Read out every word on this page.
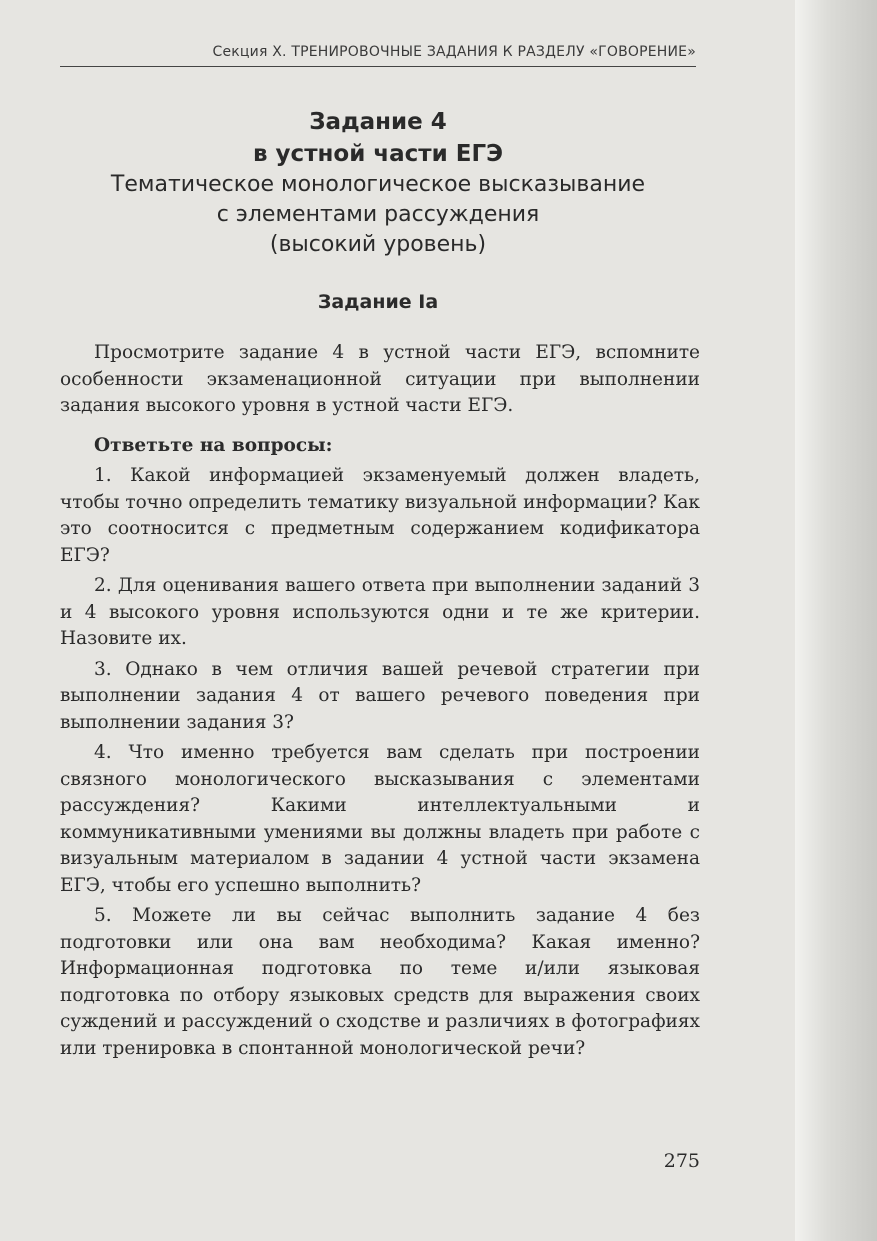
Секция X. ТРЕНИРОВОЧНЫЕ ЗАДАНИЯ К РАЗДЕЛУ «ГОВОРЕНИЕ»
Задание 4
в устной части ЕГЭ
Тематическое монологическое высказывание
с элементами рассуждения
(высокий уровень)
Задание Iа

Просмотрите задание 4 в устной части ЕГЭ, вспомните особенности экзаменационной ситуации при выполнении задания высокого уровня в устной части ЕГЭ.

Ответьте на вопросы:

1. Какой информацией экзаменуемый должен владеть, чтобы точно определить тематику визуальной информации? Как это соотносится с предметным содержанием кодификатора ЕГЭ?

2. Для оценивания вашего ответа при выполнении заданий 3 и 4 высокого уровня используются одни и те же критерии. Назовите их.

3. Однако в чем отличия вашей речевой стратегии при выполнении задания 4 от вашего речевого поведения при выполнении задания 3?

4. Что именно требуется вам сделать при построении связного монологического высказывания с элементами рассуждения? Какими интеллектуальными и коммуникативными умениями вы должны владеть при работе с визуальным материалом в задании 4 устной части экзамена ЕГЭ, чтобы его успешно выполнить?

5. Можете ли вы сейчас выполнить задание 4 без подготовки или она вам необходима? Какая именно? Информационная подготовка по теме и/или языковая подготовка по отбору языковых средств для выражения своих суждений и рассуждений о сходстве и различиях в фотографиях или тренировка в спонтанной монологической речи?

275
